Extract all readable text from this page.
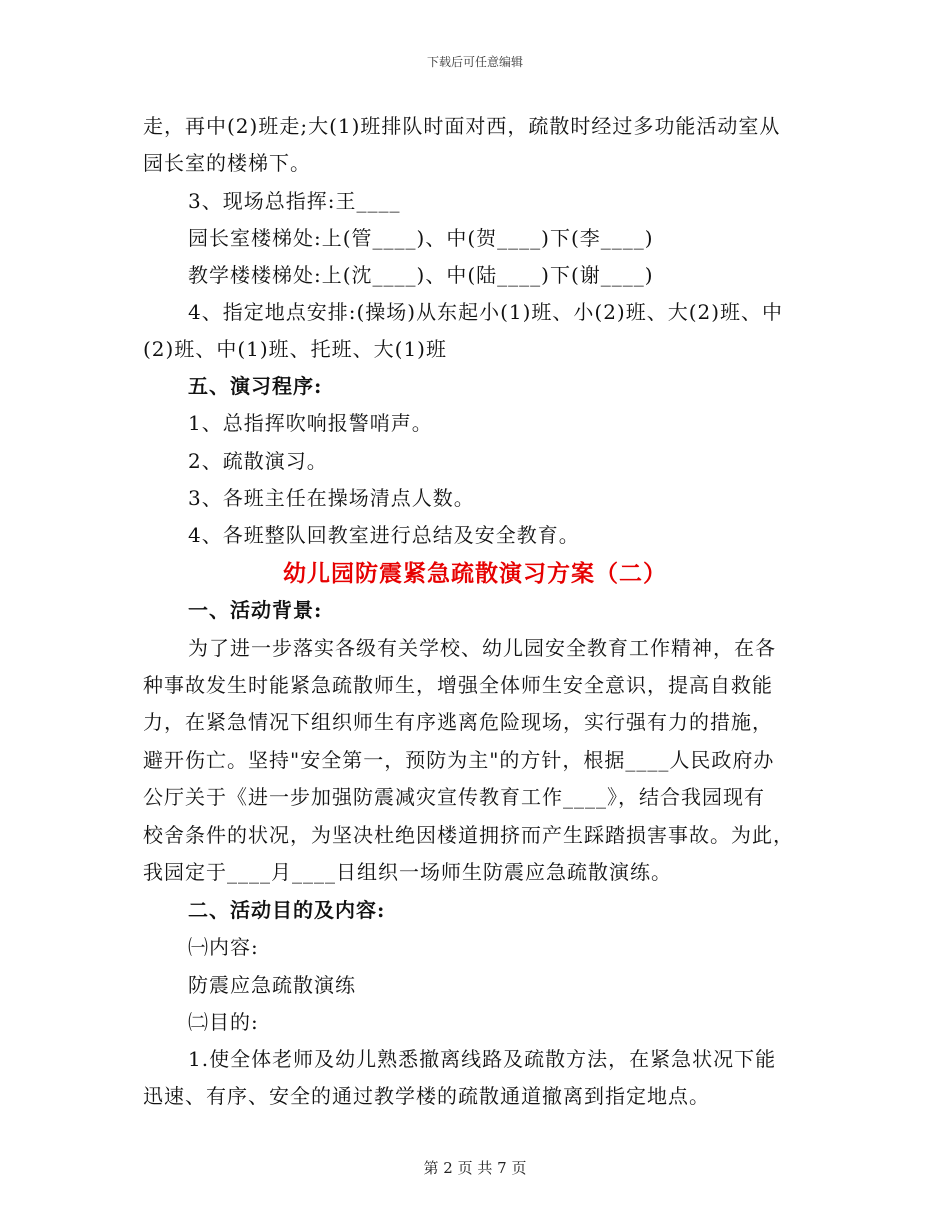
下载后可任意编辑
走，再中(2)班走;大(1)班排队时面对西，疏散时经过多功能活动室从
园长室的楼梯下。
3、现场总指挥:王____
园长室楼梯处:上(管____)、中(贺____)下(李____)
教学楼楼梯处:上(沈____)、中(陆____)下(谢____)
4、指定地点安排:(操场)从东起小(1)班、小(2)班、大(2)班、中
(2)班、中(1)班、托班、大(1)班
五、演习程序:
1、总指挥吹响报警哨声。
2、疏散演习。
3、各班主任在操场清点人数。
4、各班整队回教室进行总结及安全教育。
幼儿园防震紧急疏散演习方案（二）
一、活动背景:
为了进一步落实各级有关学校、幼儿园安全教育工作精神，在各
种事故发生时能紧急疏散师生，增强全体师生安全意识，提高自救能
力，在紧急情况下组织师生有序逃离危险现场，实行强有力的措施，
避开伤亡。坚持"安全第一，预防为主"的方针，根据____人民政府办
公厅关于《进一步加强防震减灾宣传教育工作____》，结合我园现有
校舍条件的状况，为坚决杜绝因楼道拥挤而产生踩踏损害事故。为此，
我园定于____月____日组织一场师生防震应急疏散演练。
二、活动目的及内容:
㈠内容:
防震应急疏散演练
㈡目的:
1.使全体老师及幼儿熟悉撤离线路及疏散方法，在紧急状况下能
迅速、有序、安全的通过教学楼的疏散通道撤离到指定地点。
第 2 页 共 7 页
